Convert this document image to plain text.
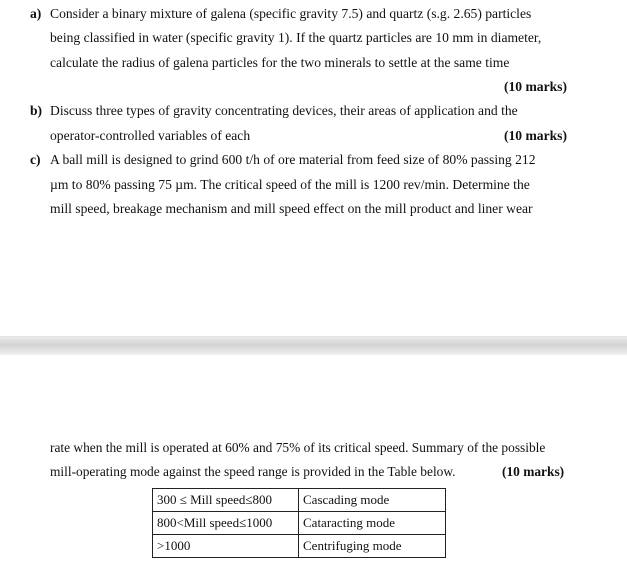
a) Consider a binary mixture of galena (specific gravity 7.5) and quartz (s.g. 2.65) particles
being classified in water (specific gravity 1). If the quartz particles are 10 mm in diameter,
calculate the radius of galena particles for the two minerals to settle at the same time
(10 marks)
b) Discuss three types of gravity concentrating devices, their areas of application and the
operator-controlled variables of each	(10 marks)
c) A ball mill is designed to grind 600 t/h of ore material from feed size of 80% passing 212
µm to 80% passing 75 µm. The critical speed of the mill is 1200 rev/min. Determine the
mill speed, breakage mechanism and mill speed effect on the mill product and liner wear
rate when the mill is operated at 60% and 75% of its critical speed. Summary of the possible
mill-operating mode against the speed range is provided in the Table below.	(10 marks)
300 ≤ Mill speed≤800	Cascading mode
800<Mill speed≤1000	Cataracting mode
>1000	Centrifuging mode
